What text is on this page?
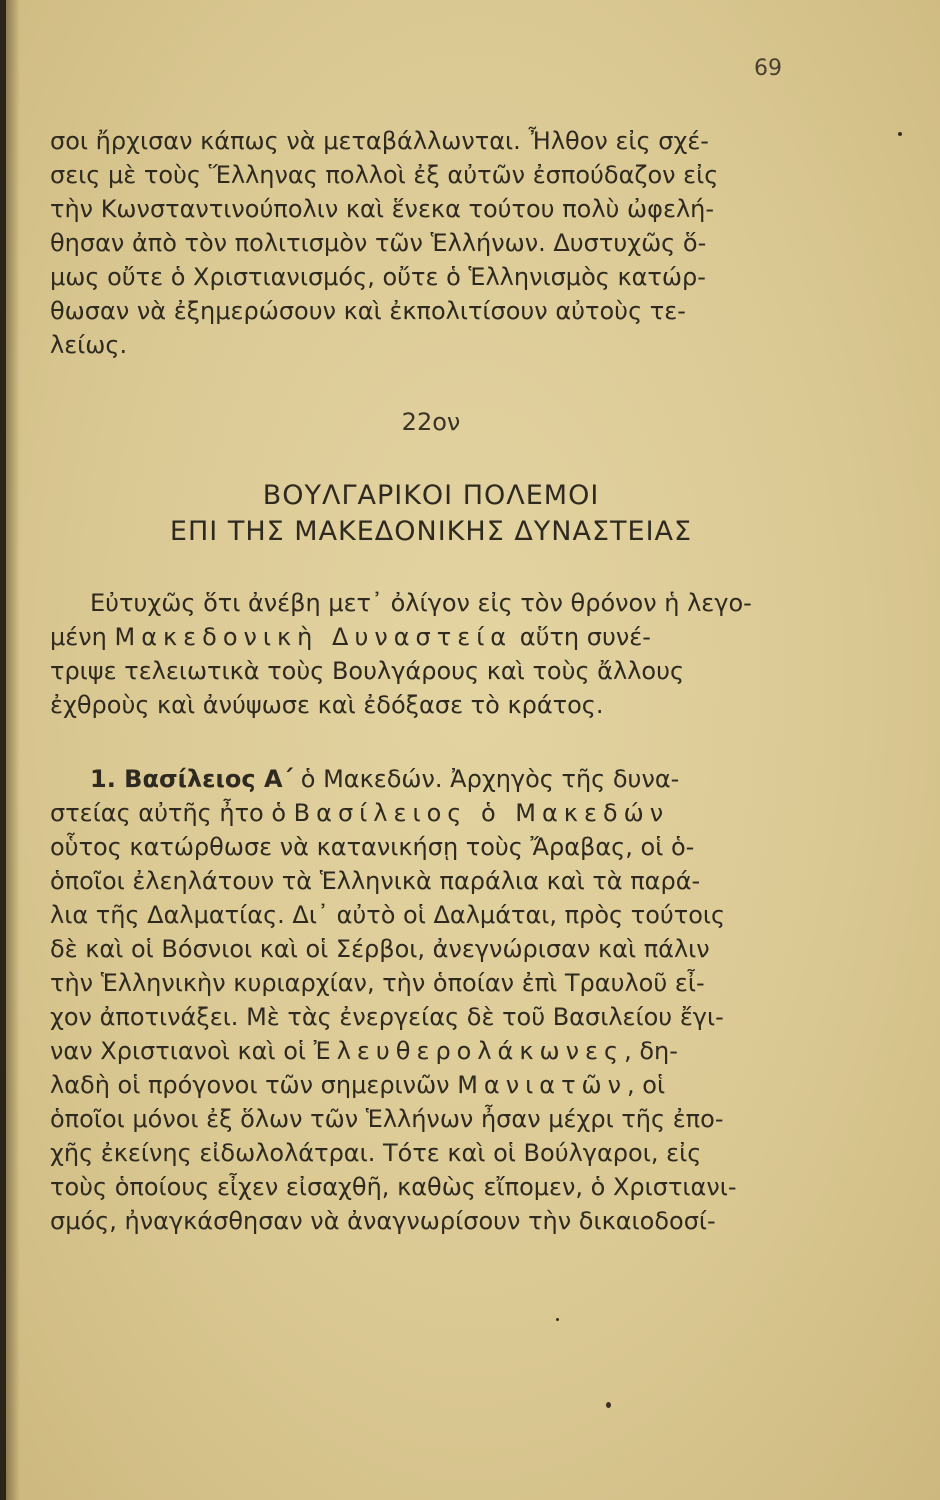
69
σοι ἤρχισαν κάπως νὰ μεταβάλλωνται. Ἦλθον εἰς σχέ-
σεις μὲ τοὺς Ἕλληνας πολλοὶ ἐξ αὐτῶν ἐσπούδαζον εἰς
τὴν Κωνσταντινούπολιν καὶ ἕνεκα τούτου πολὺ ὠφελή-
θησαν ἀπὸ τὸν πολιτισμὸν τῶν Ἑλλήνων. Δυστυχῶς ὅ-
μως οὔτε ὁ Χριστιανισμός, οὔτε ὁ Ἑλληνισμὸς κατώρ-
θωσαν νὰ ἐξημερώσουν καὶ ἐκπολιτίσουν αὐτοὺς τε-
λείως.
22ον
ΒΟΥΛΓΑΡΙΚΟΙ ΠΟΛΕΜΟΙ
ΕΠΙ ΤΗΣ ΜΑΚΕΔΟΝΙΚΗΣ ΔΥΝΑΣΤΕΙΑΣ
Εὐτυχῶς ὅτι ἀνέβη μετ᾿ ὀλίγον εἰς τὸν θρόνον ἡ λεγο-
μένη Μακεδονικὴ Δυναστεία αὕτη συνέ-
τριψε τελειωτικὰ τοὺς Βουλγάρους καὶ τοὺς ἄλλους
ἐχθροὺς καὶ ἀνύψωσε καὶ ἐδόξασε τὸ κράτος.
1. Βασίλειος Α΄ ὁ Μακεδών. Ἀρχηγὸς τῆς δυνα-
στείας αὐτῆς ἦτο ὁ Βασίλειος ὁ Μακεδών
οὗτος κατώρθωσε νὰ κατανικήσῃ τοὺς Ἄραβας, οἱ ὁ-
ὁποῖοι ἐλεηλάτουν τὰ Ἑλληνικὰ παράλια καὶ τὰ παρά-
λια τῆς Δαλματίας. Δι᾿ αὐτὸ οἱ Δαλμάται, πρὸς τούτοις
δὲ καὶ οἱ Βόσνιοι καὶ οἱ Σέρβοι, ἀνεγνώρισαν καὶ πάλιν
τὴν Ἑλληνικὴν κυριαρχίαν, τὴν ὁποίαν ἐπὶ Τραυλοῦ εἶ-
χον ἀποτινάξει. Μὲ τὰς ἐνεργείας δὲ τοῦ Βασιλείου ἔγι-
ναν Χριστιανοὶ καὶ οἱ Ἐλευθερολάκωνες, δη-
λαδὴ οἱ πρόγονοι τῶν σημερινῶν Μανιατῶν, οἱ
ὁποῖοι μόνοι ἐξ ὅλων τῶν Ἑλλήνων ἦσαν μέχρι τῆς ἐπο-
χῆς ἐκείνης εἰδωλολάτραι. Τότε καὶ οἱ Βούλγαροι, εἰς
τοὺς ὁποίους εἶχεν εἰσαχθῆ, καθὼς εἴπομεν, ὁ Χριστιανι-
σμός, ἠναγκάσθησαν νὰ ἀναγνωρίσουν τὴν δικαιοδοσί-
